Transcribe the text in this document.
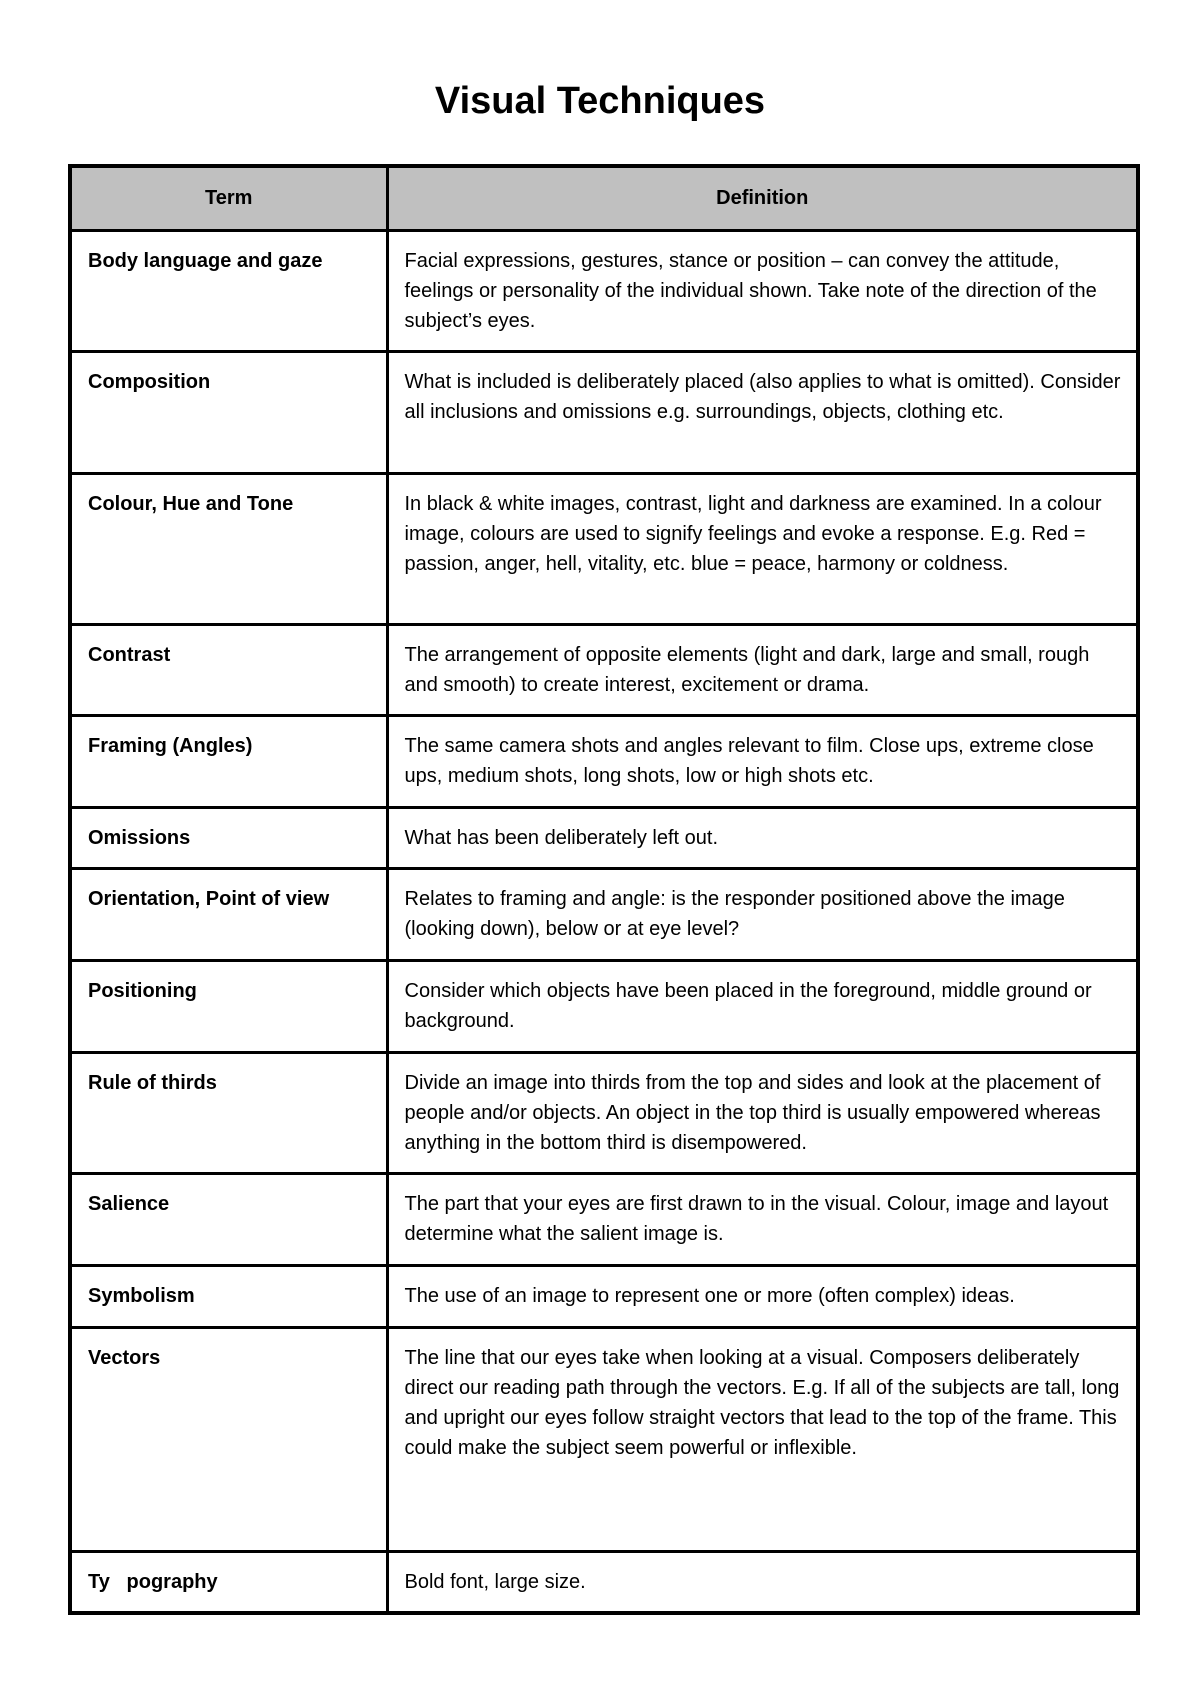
Visual Techniques
Term	Definition
Body language and gaze	Facial expressions, gestures, stance or position – can convey the attitude, feelings or personality of the individual shown. Take note of the direction of the subject’s eyes.
Composition	What is included is deliberately placed (also applies to what is omitted). Consider all inclusions and omissions e.g. surroundings, objects, clothing etc.
Colour, Hue and Tone	In black & white images, contrast, light and darkness are examined. In a colour image, colours are used to signify feelings and evoke a response. E.g. Red = passion, anger, hell, vitality, etc. blue = peace, harmony or coldness.
Contrast	The arrangement of opposite elements (light and dark, large and small, rough and smooth) to create interest, excitement or drama.
Framing (Angles)	The same camera shots and angles relevant to film. Close ups, extreme close ups, medium shots, long shots, low or high shots etc.
Omissions	What has been deliberately left out.
Orientation, Point of view	Relates to framing and angle: is the responder positioned above the image (looking down), below or at eye level?
Positioning	Consider which objects have been placed in the foreground, middle ground or background.
Rule of thirds	Divide an image into thirds from the top and sides and look at the placement of people and/or objects. An object in the top third is usually empowered whereas anything in the bottom third is disempowered.
Salience	The part that your eyes are first drawn to in the visual. Colour, image and layout determine what the salient image is.
Symbolism	The use of an image to represent one or more (often complex) ideas.
Vectors	The line that our eyes take when looking at a visual. Composers deliberately direct our reading path through the vectors. E.g. If all of the subjects are tall, long and upright our eyes follow straight vectors that lead to the top of the frame. This could make the subject seem powerful or inflexible.
Ty   pography	Bold font, large size.
